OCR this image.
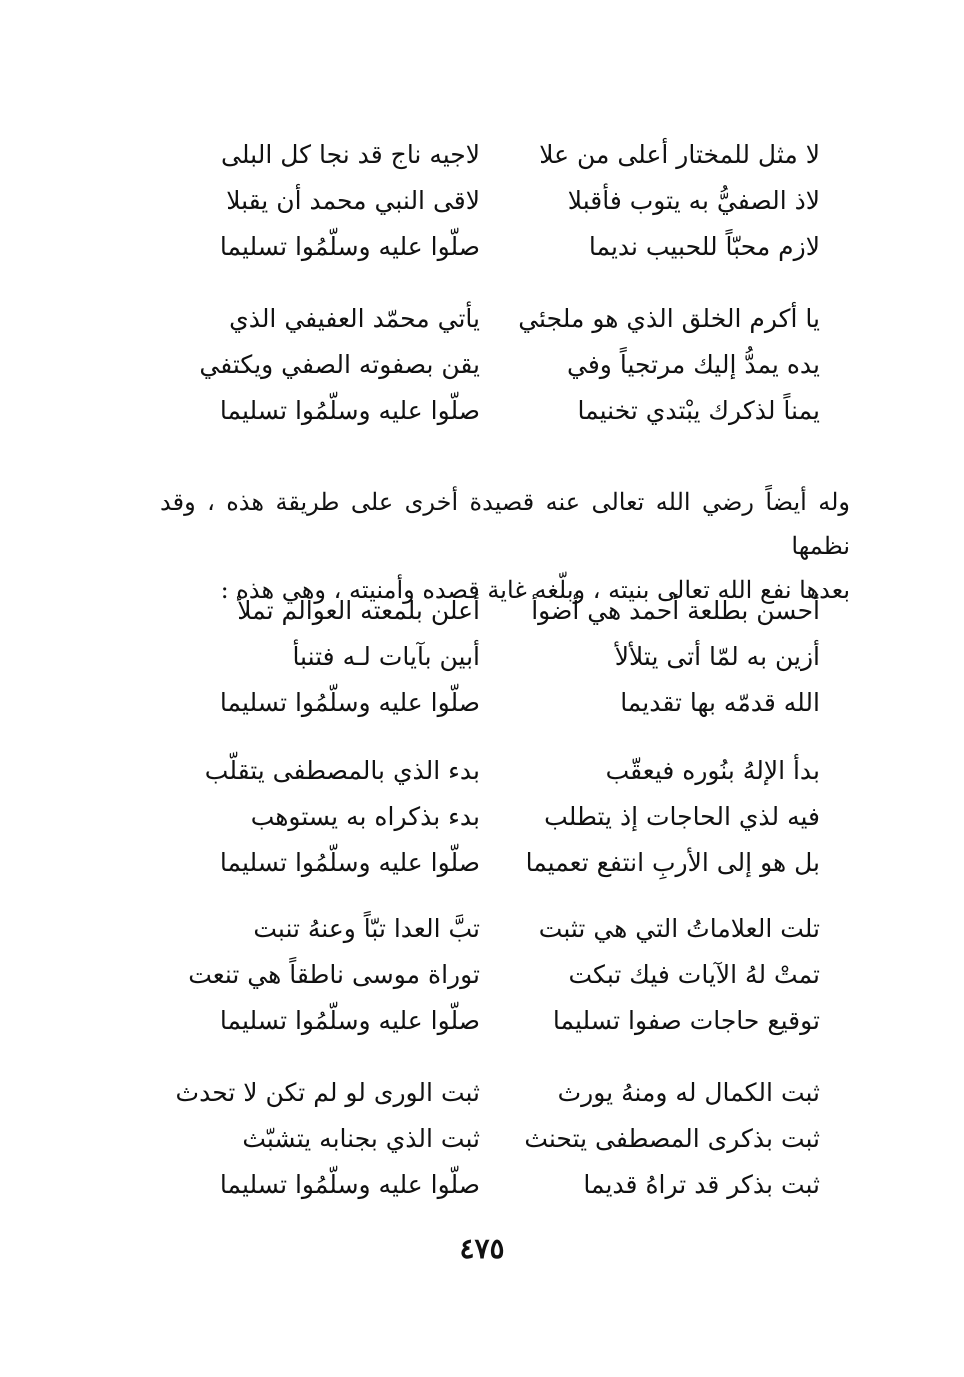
لا مثل للمختار أعلى من علا
لاجيه ناج قد نجا كل البلى
لاذ الصفيُّ به يتوب فأقبلا
لاقى النبي محمد أن يقبلا
لازم محبّاً للحبيب نديما
صلّوا عليه وسلّمُوا تسليما
يا أكرم الخلق الذي هو ملجئي
يأتي محمّد العفيفي الذي
يده يمدُّ إليك مرتجياً وفي
يقن بصفوته الصفي ويكتفي
يمناً لذكرك يبْتدي تخنيما
صلّوا عليه وسلّمُوا تسليما

وله أيضاً رضي الله تعالى عنه قصيدة أخرى على طريقة هذه ، وقد نظمها

بعدها نفع الله تعالى بنيته ، وبلّغه غاية قصده وأمنيته ، وهي هذه :

أحسن بطلعة أحمد هي أضوأ
أعلن بلمعته العوالم تملأ
أزين به لمّا أتى يتلألأ
أبين بآيات لـه فتنبأ
الله قدمّه بها تقديما
صلّوا عليه وسلّمُوا تسليما
بدأ الإلهُ بنُوره فيعقّب
بدء الذي بالمصطفى يتقلّب
فيه لذي الحاجات إذ يتطلب
بدء بذكراه به يستوهب
بل هو إلى الأربِ انتفع تعميما
صلّوا عليه وسلّمُوا تسليما
تلت العلاماتُ التي هي تثبت
تبَّ العدا تبّاً وعنهُ تنبت
تمتْ لهُ الآيات فيك تبكت
توراة موسى ناطقاً هي تنعت
توقيع حاجات صفوا تسليما
صلّوا عليه وسلّمُوا تسليما
ثبت الكمال له ومنهُ يورث
ثبت الورى لو لم تكن لا تحدث
ثبت بذكرى المصطفى يتحنث
ثبت الذي بجنابه يتشبّث
ثبت بذكر قد تراهُ قديما
صلّوا عليه وسلّمُوا تسليما
٤٧٥
